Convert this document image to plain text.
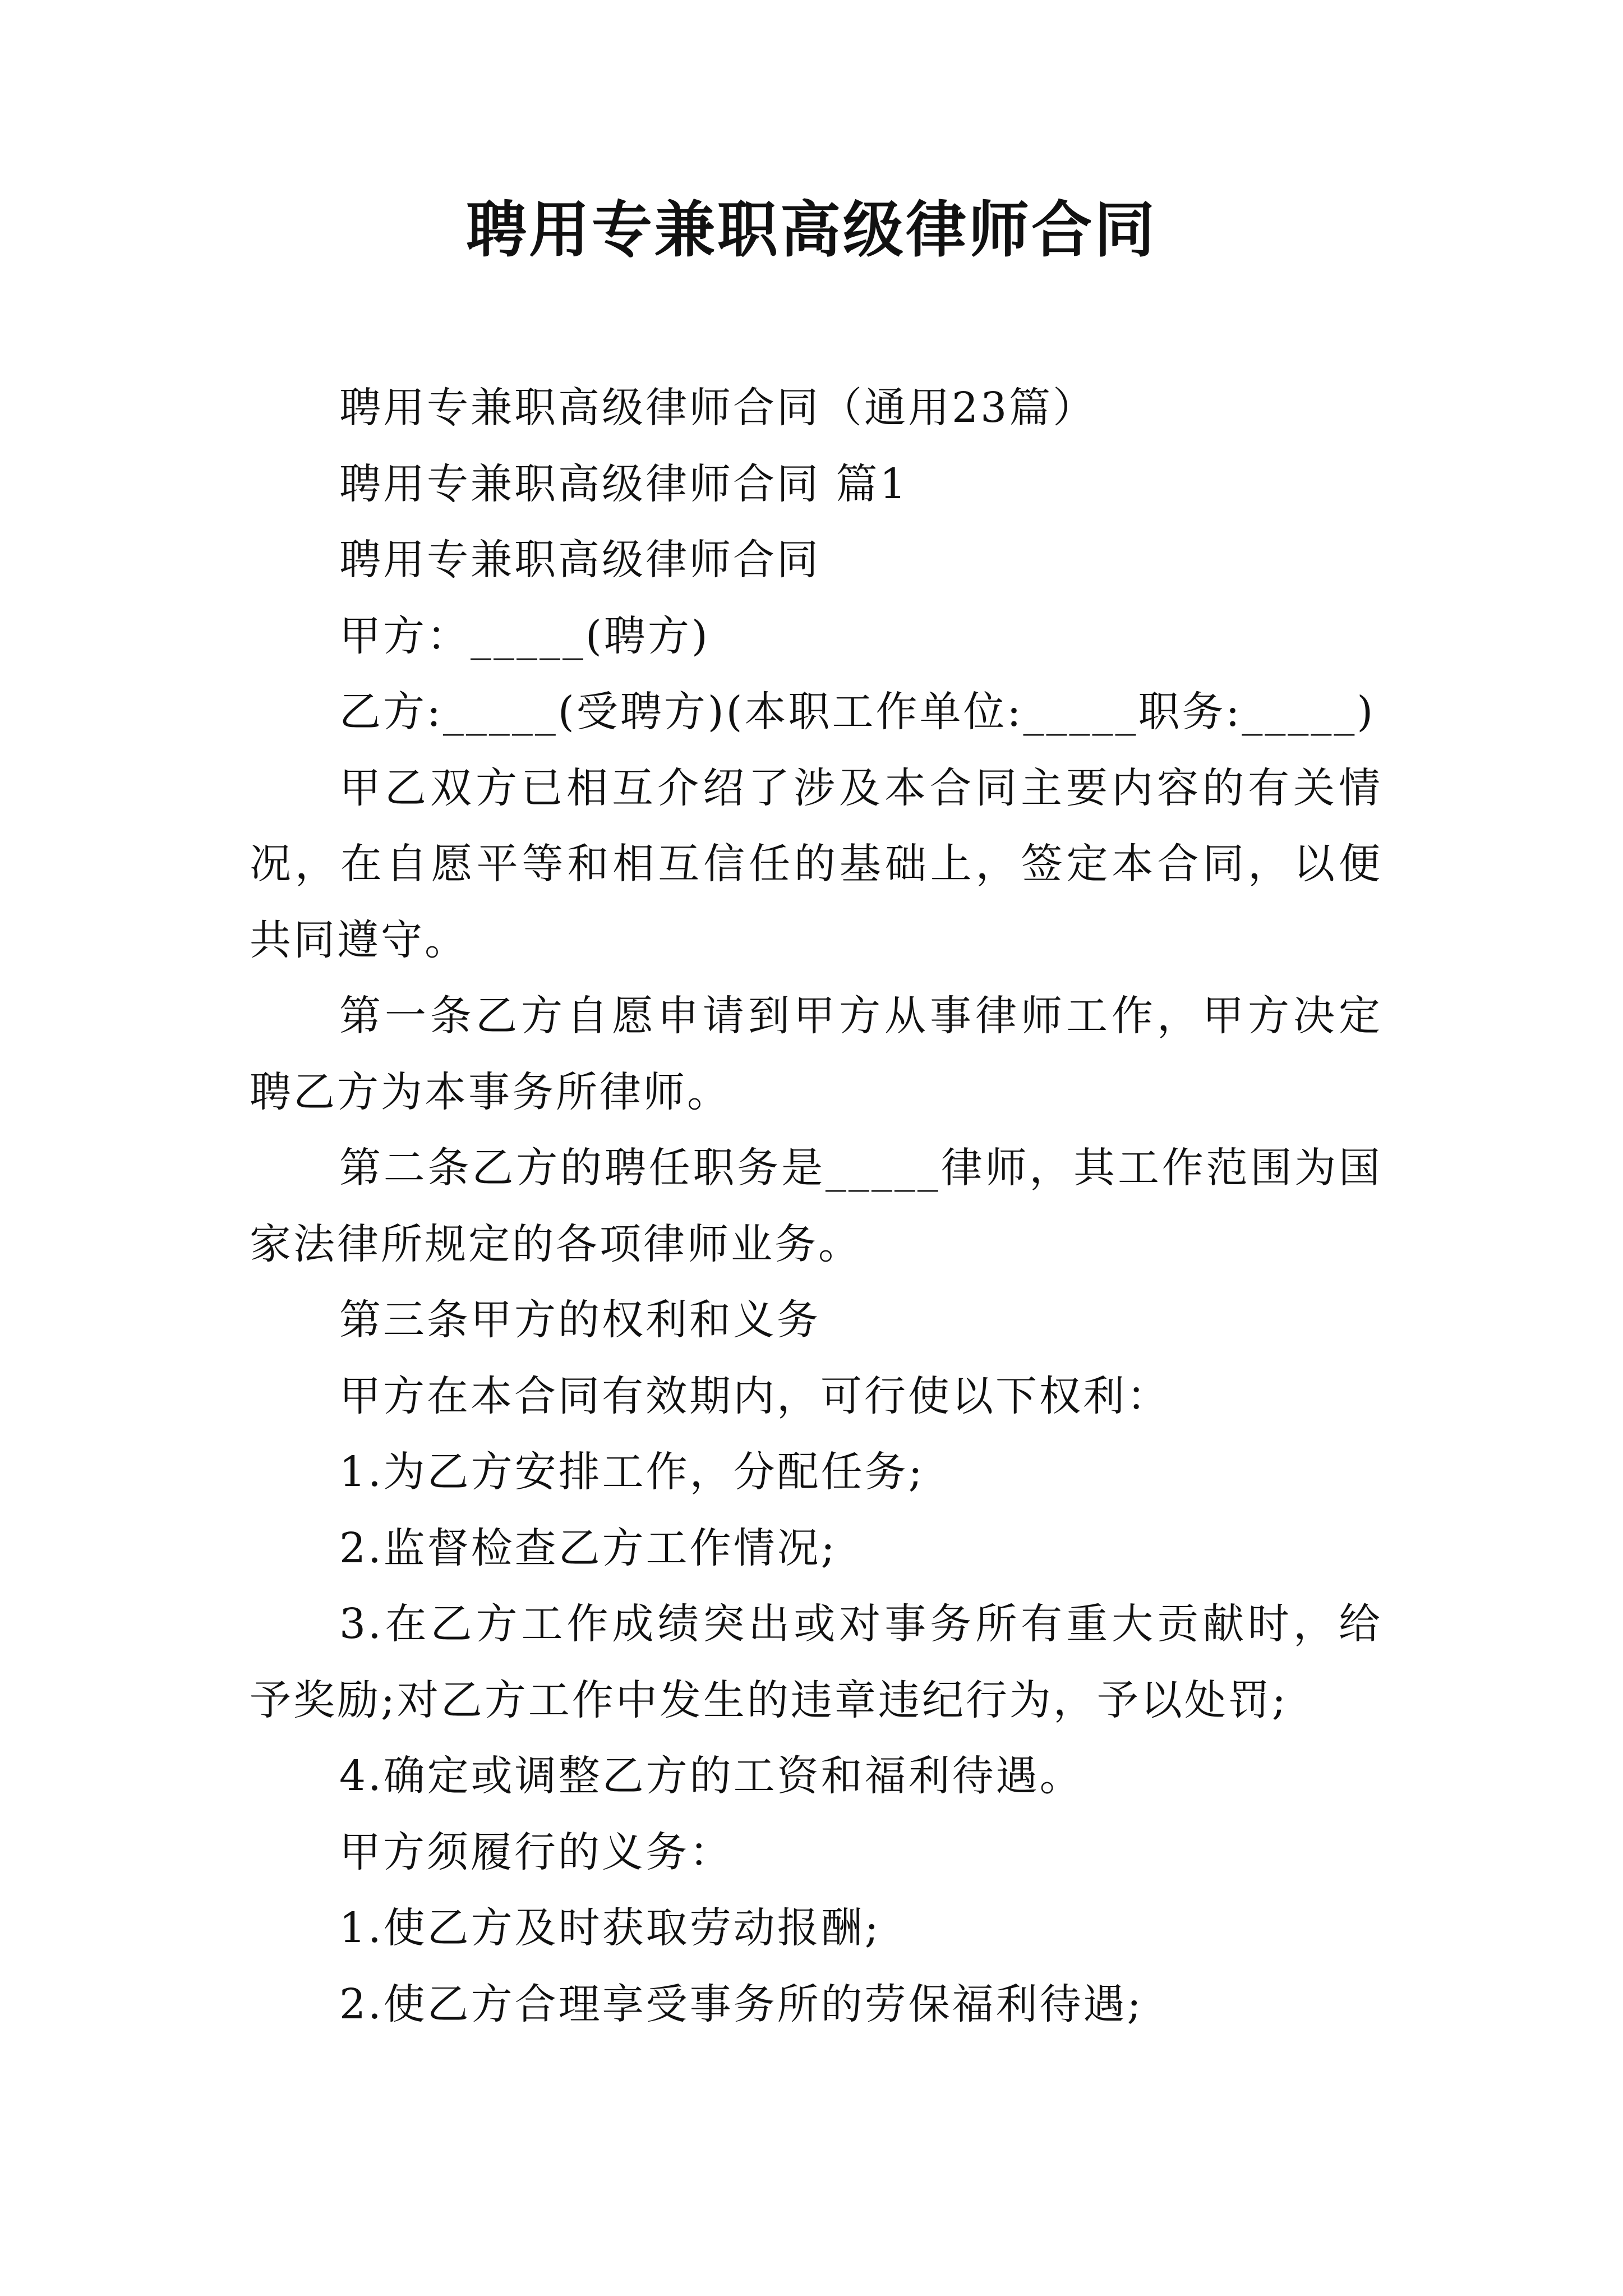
聘用专兼职高级律师合同

聘用专兼职高级律师合同（通用23篇）

聘用专兼职高级律师合同 篇1

聘用专兼职高级律师合同

甲方：_____(聘方)

乙方:_____(受聘方)(本职工作单位:_____职务:_____)

甲乙双方已相互介绍了涉及本合同主要内容的有关情况，在自愿平等和相互信任的基础上，签定本合同，以便共同遵守。

第一条乙方自愿申请到甲方从事律师工作，甲方决定聘乙方为本事务所律师。

第二条乙方的聘任职务是_____律师，其工作范围为国家法律所规定的各项律师业务。

第三条甲方的权利和义务

甲方在本合同有效期内，可行使以下权利：

1.为乙方安排工作，分配任务;

2.监督检查乙方工作情况;

3.在乙方工作成绩突出或对事务所有重大贡献时，给予奖励;对乙方工作中发生的违章违纪行为，予以处罚;

4.确定或调整乙方的工资和福利待遇。

甲方须履行的义务：

1.使乙方及时获取劳动报酬;

2.使乙方合理享受事务所的劳保福利待遇;
